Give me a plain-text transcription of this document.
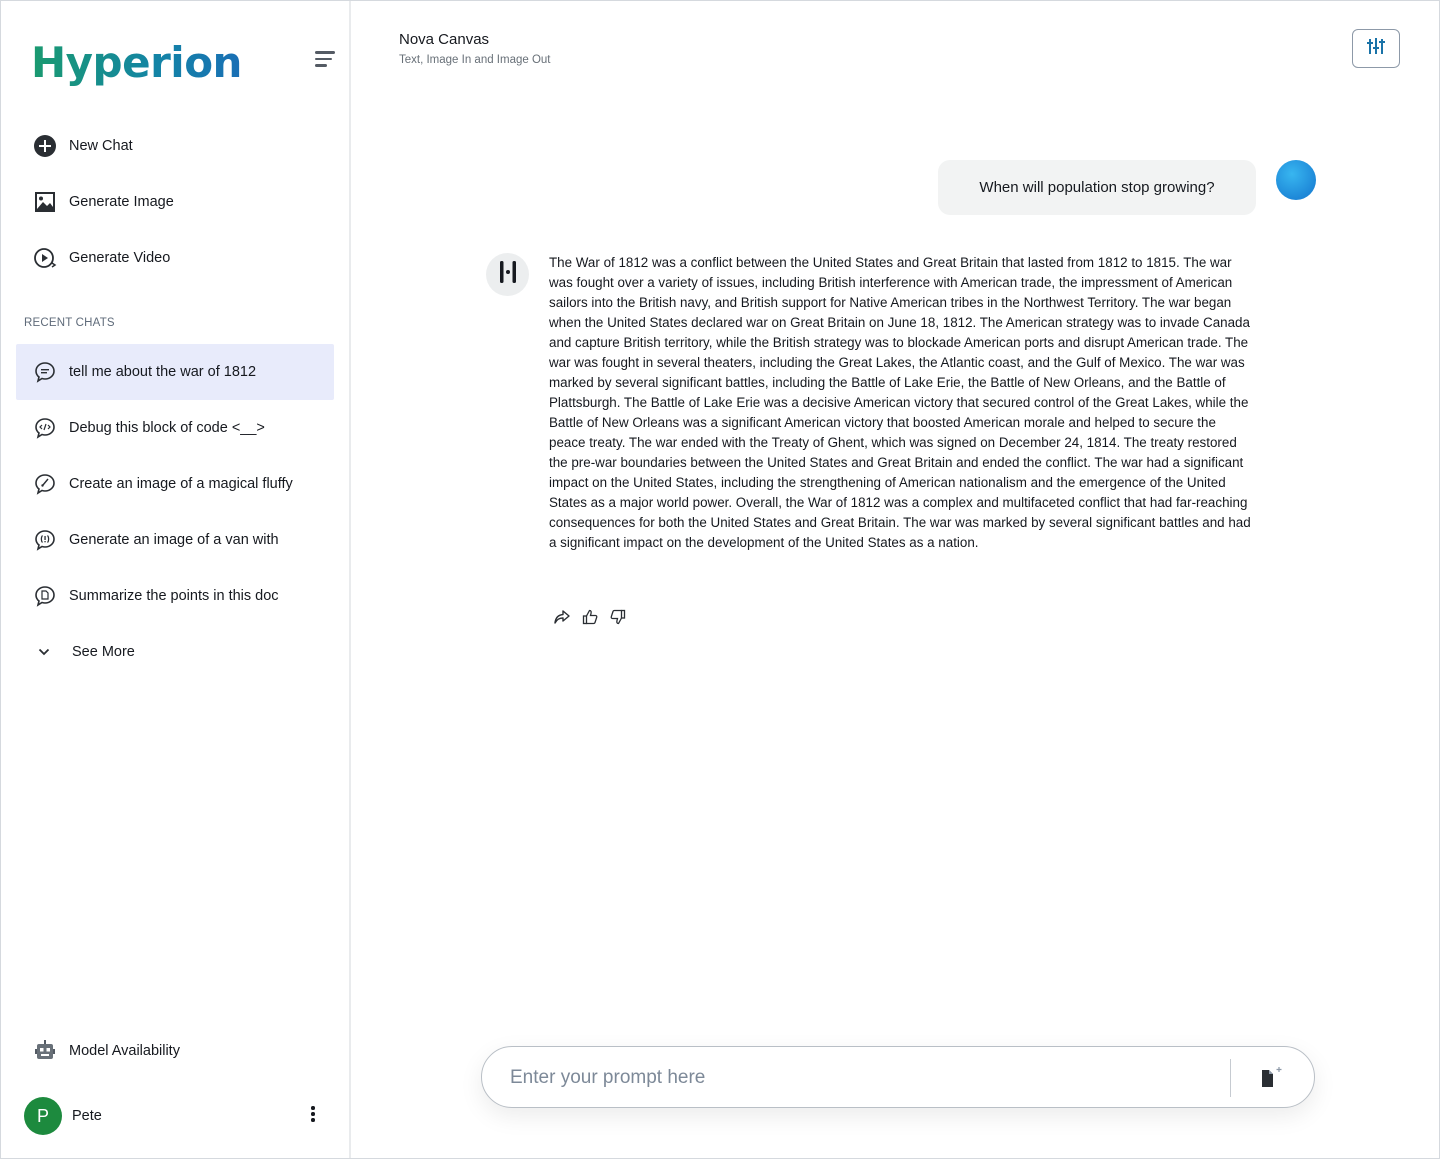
Hyperion
New Chat
Generate Image
Generate Video
RECENT CHATS
tell me about the war of 1812
Debug this block of code <__>
Create an image of a magical fluffy
Generate an image of a van with
Summarize the points in this doc
See More
Model Availability
P	Pete
Nova Canvas
Text, Image In and Image Out
When will population stop growing?
The War of 1812 was a conflict between the United States and Great Britain that lasted from 1812 to 1815. The war was fought over a variety of issues, including British interference with American trade, the impressment of American sailors into the British navy, and British support for Native American tribes in the Northwest Territory. The war began when the United States declared war on Great Britain on June 18, 1812. The American strategy was to invade Canada and capture British territory, while the British strategy was to blockade American ports and disrupt American trade. The war was fought in several theaters, including the Great Lakes, the Atlantic coast, and the Gulf of Mexico. The war was marked by several significant battles, including the Battle of Lake Erie, the Battle of New Orleans, and the Battle of Plattsburgh. The Battle of Lake Erie was a decisive American victory that secured control of the Great Lakes, while the Battle of New Orleans was a significant American victory that boosted American morale and helped to secure the peace treaty. The war ended with the Treaty of Ghent, which was signed on December 24, 1814. The treaty restored the pre-war boundaries between the United States and Great Britain and ended the conflict. The war had a significant impact on the United States, including the strengthening of American nationalism and the emergence of the United States as a major world power. Overall, the War of 1812 was a complex and multifaceted conflict that had far-reaching consequences for both the United States and Great Britain. The war was marked by several significant battles and had a significant impact on the development of the United States as a nation.
Enter your prompt here
